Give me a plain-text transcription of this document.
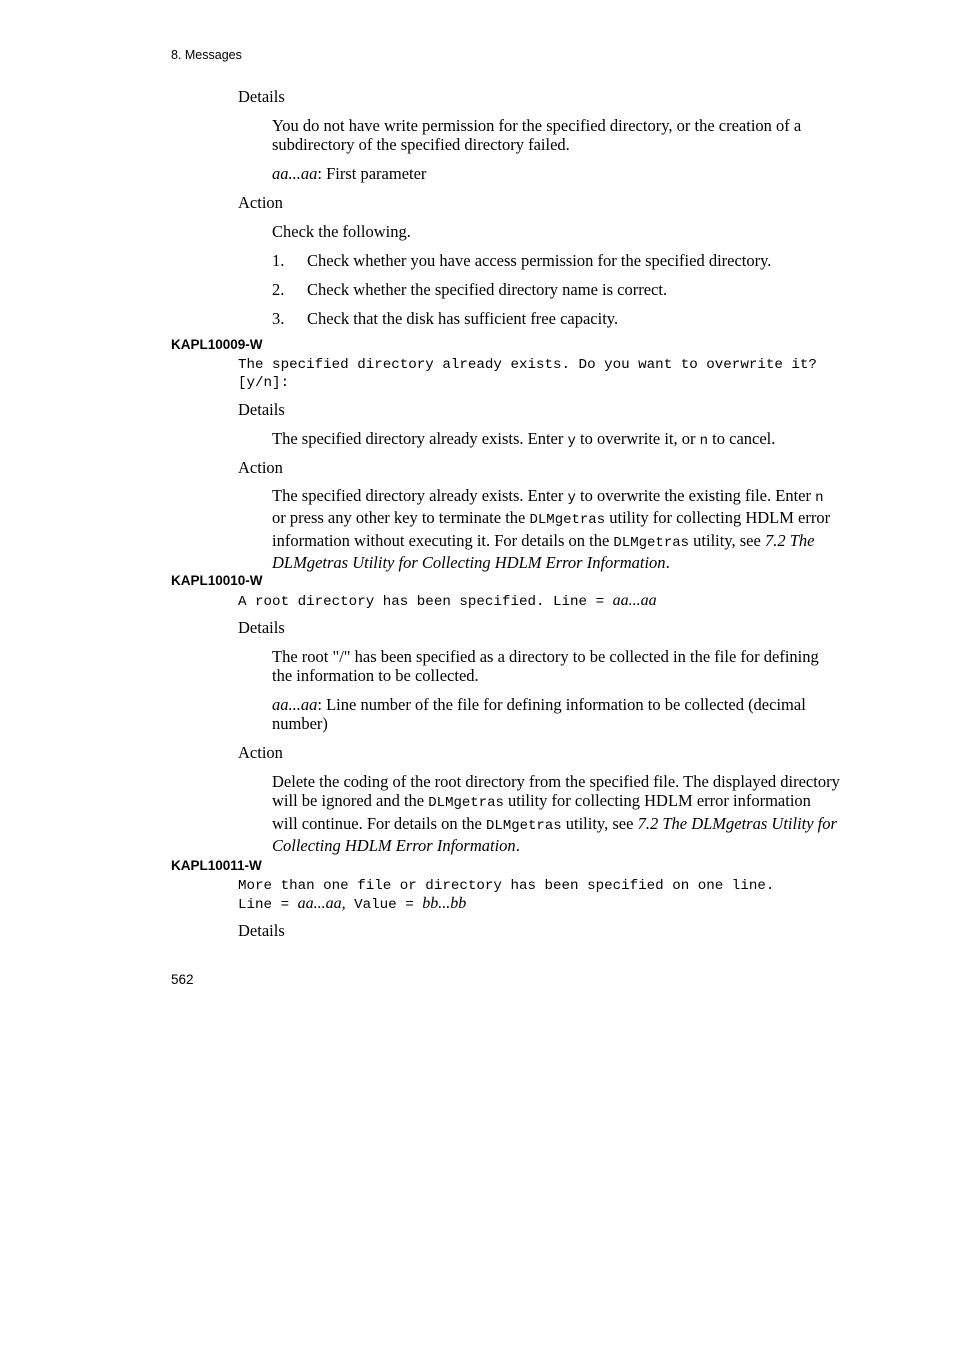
8. Messages
Details
You do not have write permission for the specified directory, or the creation of a subdirectory of the specified directory failed.
aa...aa: First parameter
Action
Check the following.
1. Check whether you have access permission for the specified directory.
2. Check whether the specified directory name is correct.
3. Check that the disk has sufficient free capacity.
KAPL10009-W
The specified directory already exists. Do you want to overwrite it? [y/n]:
Details
The specified directory already exists. Enter y to overwrite it, or n to cancel.
Action
The specified directory already exists. Enter y to overwrite the existing file. Enter n or press any other key to terminate the DLMgetras utility for collecting HDLM error information without executing it. For details on the DLMgetras utility, see 7.2 The DLMgetras Utility for Collecting HDLM Error Information.
KAPL10010-W
A root directory has been specified. Line = aa...aa
Details
The root "/" has been specified as a directory to be collected in the file for defining the information to be collected.
aa...aa: Line number of the file for defining information to be collected (decimal number)
Action
Delete the coding of the root directory from the specified file. The displayed directory will be ignored and the DLMgetras utility for collecting HDLM error information will continue. For details on the DLMgetras utility, see 7.2 The DLMgetras Utility for Collecting HDLM Error Information.
KAPL10011-W
More than one file or directory has been specified on one line.
Line = aa...aa, Value = bb...bb
Details
562
